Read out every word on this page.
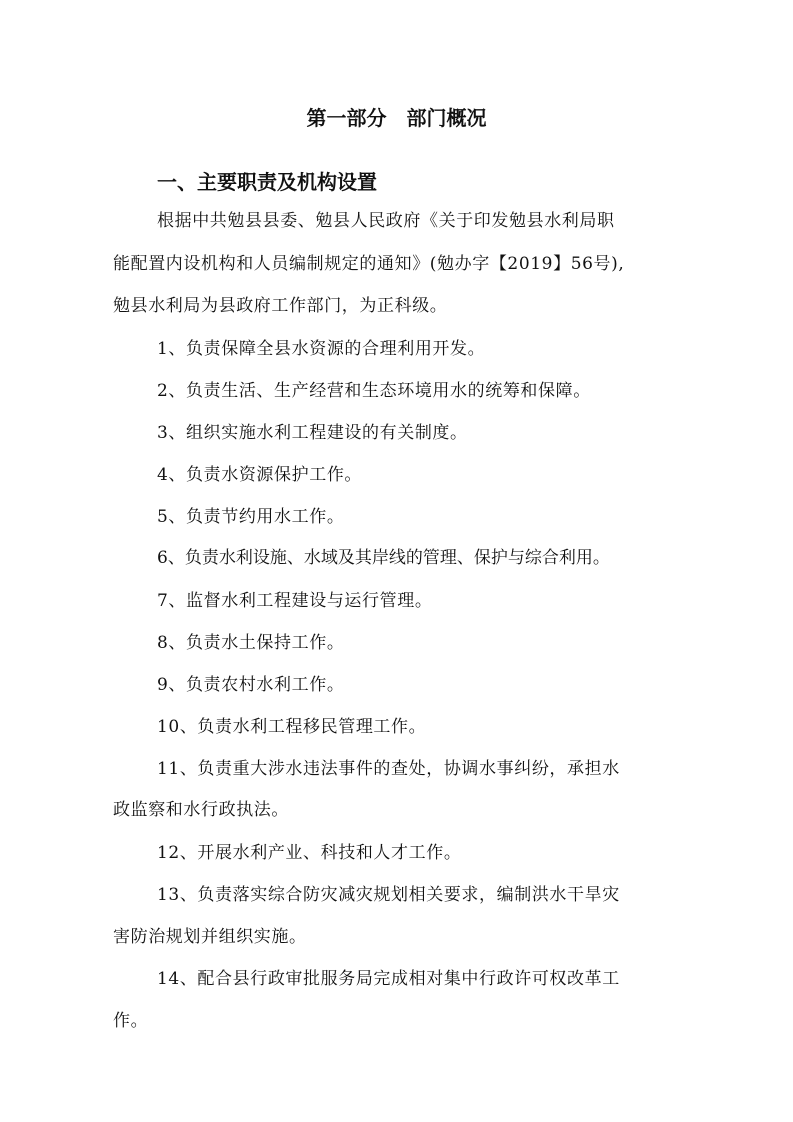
第一部分　部门概况
一、主要职责及机构设置
根据中共勉县县委、勉县人民政府《关于印发勉县水利局职
能配置内设机构和人员编制规定的通知》(勉办字【2019】56号),
勉县水利局为县政府工作部门，为正科级。
1、负责保障全县水资源的合理利用开发。
2、负责生活、生产经营和生态环境用水的统筹和保障。
3、组织实施水利工程建设的有关制度。
4、负责水资源保护工作。
5、负责节约用水工作。
6、负责水利设施、水域及其岸线的管理、保护与综合利用。
7、监督水利工程建设与运行管理。
8、负责水土保持工作。
9、负责农村水利工作。
10、负责水利工程移民管理工作。
11、负责重大涉水违法事件的查处，协调水事纠纷，承担水
政监察和水行政执法。
12、开展水利产业、科技和人才工作。
13、负责落实综合防灾减灾规划相关要求，编制洪水干旱灾
害防治规划并组织实施。
14、配合县行政审批服务局完成相对集中行政许可权改革工
作。
